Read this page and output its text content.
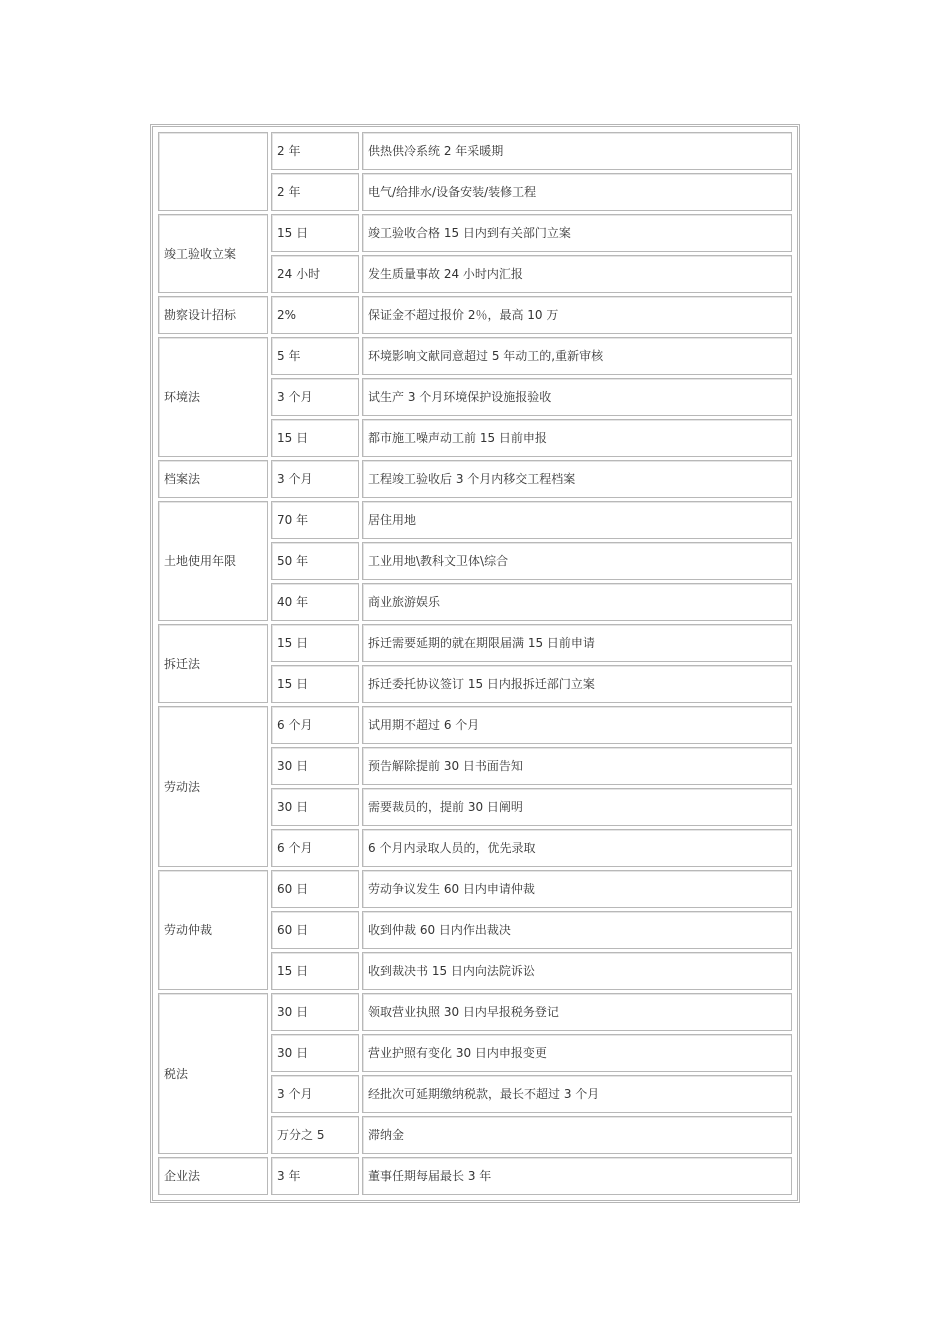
	2 年	供热供冷系统 2 年采暖期
	2 年	电气/给排水/设备安装/装修工程
竣工验收立案	15 日	竣工验收合格 15 日内到有关部门立案
	24 小时	发生质量事故 24 小时内汇报
勘察设计招标	2%	保证金不超过报价 2％，最高 10 万
环境法	5 年	环境影响文献同意超过 5 年动工的,重新审核
	3 个月	试生产 3 个月环境保护设施报验收
	15 日	都市施工噪声动工前 15 日前申报
档案法	3 个月	工程竣工验收后 3 个月内移交工程档案
土地使用年限	70 年	居住用地
	50 年	工业用地\教科文卫体\综合
	40 年	商业旅游娱乐
拆迁法	15 日	拆迁需要延期的就在期限届满 15 日前申请
	15 日	拆迁委托协议签订 15 日内报拆迁部门立案
劳动法	6 个月	试用期不超过 6 个月
	30 日	预告解除提前 30 日书面告知
	30 日	需要裁员的，提前 30 日阐明
	6 个月	6 个月内录取人员的，优先录取
劳动仲裁	60 日	劳动争议发生 60 日内申请仲裁
	60 日	收到仲裁 60 日内作出裁决
	15 日	收到裁决书 15 日内向法院诉讼
税法	30 日	领取营业执照 30 日内早报税务登记
	30 日	营业护照有变化 30 日内申报变更
	3 个月	经批次可延期缴纳税款，最长不超过 3 个月
	万分之 5	滞纳金
企业法	3 年	董事任期每届最长 3 年
